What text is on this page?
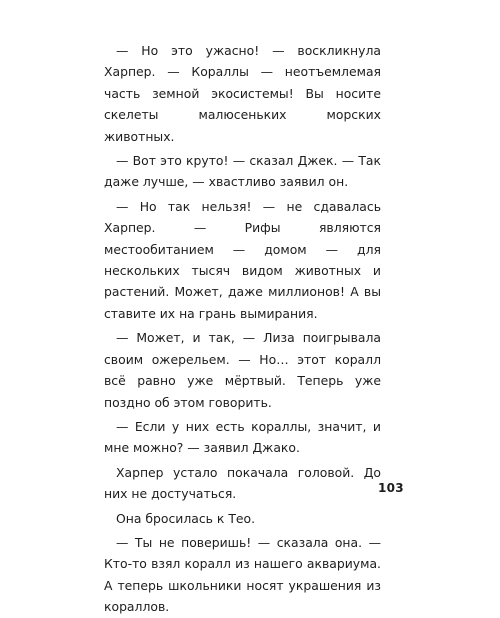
— Но это ужасно! — воскликнула Харпер. — Кораллы — неотъемлемая часть земной экосистемы! Вы носите скелеты малюсеньких морских животных.

— Вот это круто! — сказал Джек. — Так даже лучше, — хвастливо заявил он.

— Но так нельзя! — не сдавалась Харпер. — Рифы являются местообитанием — домом — для нескольких тысяч видом животных и растений. Может, даже миллионов! А вы ставите их на грань вымирания.

— Может, и так, — Лиза поигрывала своим ожерельем. — Но… этот коралл всё равно уже мёртвый. Теперь уже поздно об этом говорить.

— Если у них есть кораллы, значит, и мне можно? — заявил Джако.

Харпер устало покачала головой. До них не достучаться.

Она бросилась к Тео.

— Ты не поверишь! — сказала она. — Кто-то взял коралл из нашего аквариума. А теперь школьники носят украшения из кораллов.

103
